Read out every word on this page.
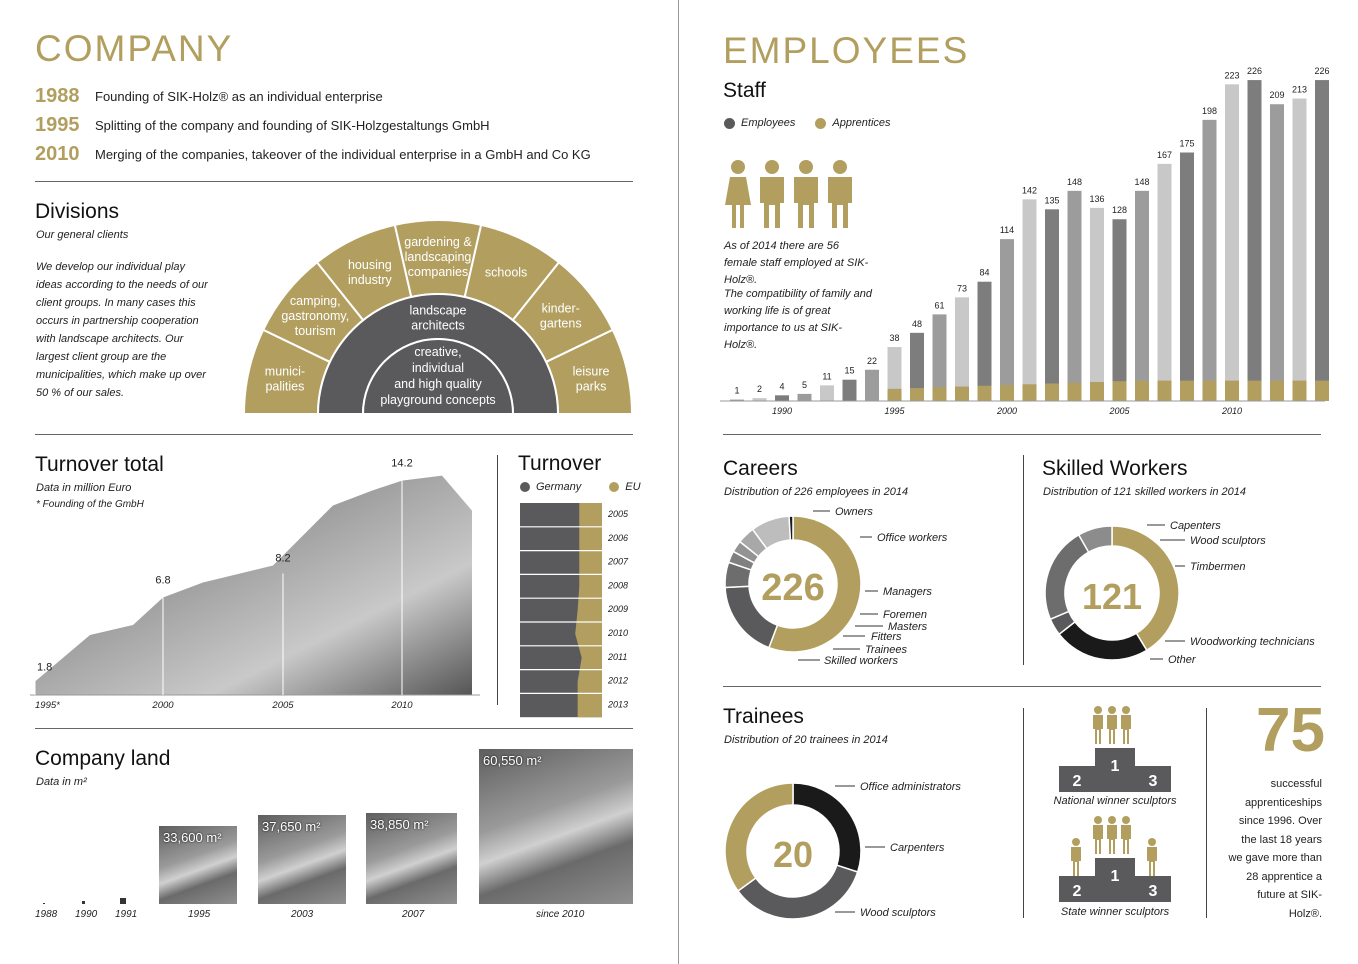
COMPANY
1988	Founding of SIK-Holz® as an individual enterprise
1995	Splitting of the company and founding of SIK-Holzgestaltungs GmbH
2010	Merging of the companies, takeover of the individual enterprise in a GmbH and Co KG
Divisions
Our general clients
We develop our individual play ideas according to the needs of our client groups. In many cases this occurs in partnership cooperation with landscape architects. Our largest client group are the municipalities, which make up over 50 % of our sales.
munici-palities
camping, gastronomy, tourism
housing industry
gardening & landscaping companies	schools
kinder-gartens
leisure parks
landscape architects
creative, individual and high quality playground concepts
Turnover total
Data in million Euro
* Founding of the GmbH
1.8
1995*
6.8
2000
8.2
2005
14.2
2010
Turnover
Germany	EU
2005
2006
2007
2008
2009
2010
2011
2012
2013
Company land
Data in m²
33,600 m²
37,650 m²	38,850 m²
60,550 m²
1988 1990 1991	1995	2003	2007	since 2010
EMPLOYEES
Staff
Employees	Apprentices
As of 2014 there are 56 female staff employed at SIK-Holz®.
The compatibility of family and working life is of great importance to us at SIK-Holz®.
1 2 4 5
11
15
22
38
48
61
73
84
114
142
135
148
136
128
148
167
175
198
223 226
209
213
226
1990	1995	2000	2005	2010
Careers
Distribution of 226 employees in 2014
226
Owners
Office workers
Managers
Foremen
Masters
Fitters
Trainees
Skilled workers
Skilled Workers
Distribution of 121 skilled workers in 2014
121
Capenters
Wood sculptors
Timbermen
Woodworking technicians
Other
Trainees
Distribution of 20 trainees in 2014
20
Office administrators
Carpenters
Wood sculptors
2
1
3
National winner sculptors
2
1
3
State winner sculptors
75
successful apprenticeships since 1996. Over the last 18 years we gave more than 28 apprentice a future at SIK-Holz®.
